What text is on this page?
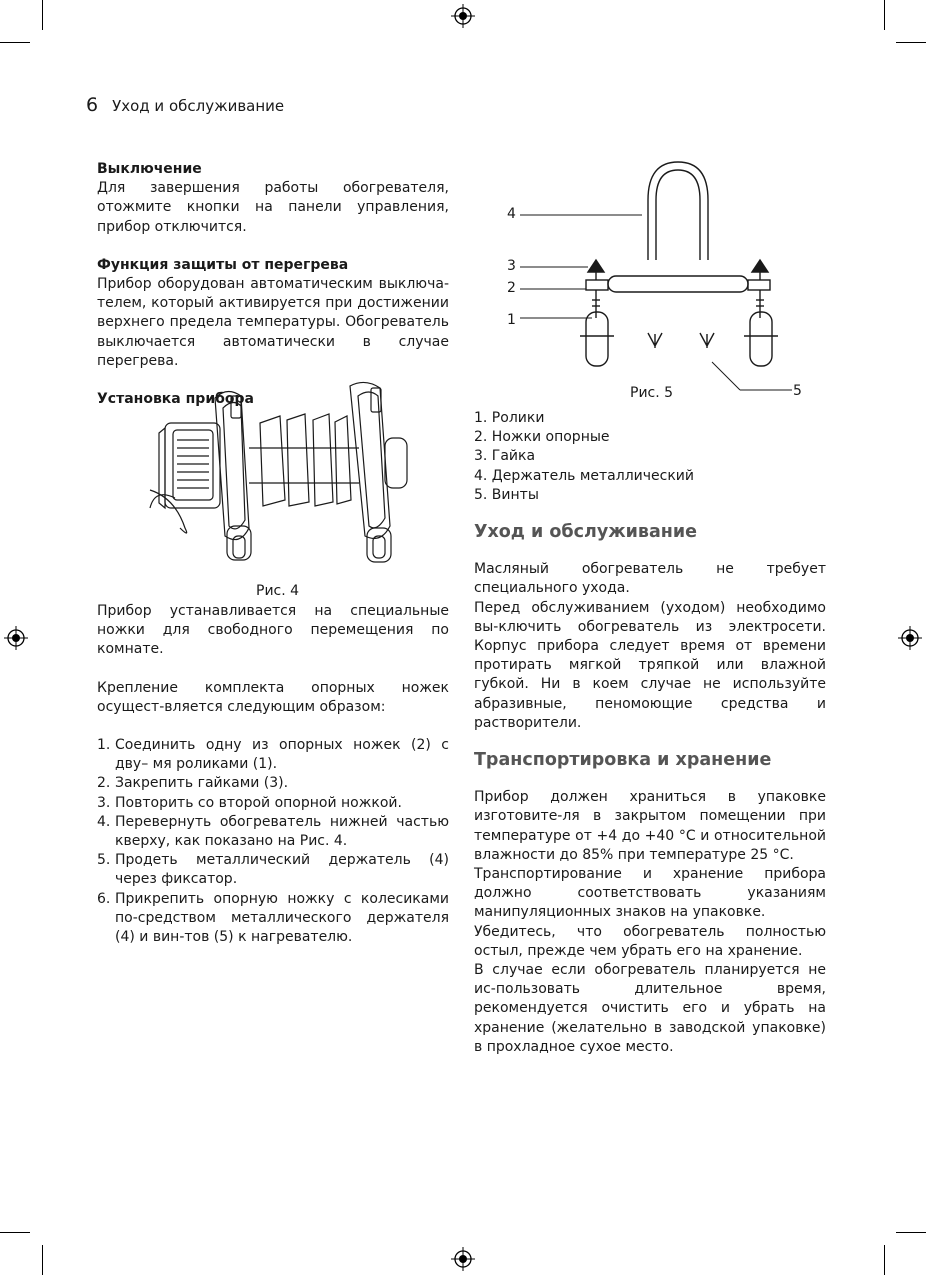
6 Уход и обслуживание
Выключение

Для завершения работы обогревателя, отожмите кнопки на панели управления, прибор отключится.

Функция защиты от перегрева

Прибор оборудован автоматическим выключа-телем, который активируется при достижении верхнего предела температуры. Обогреватель выключается автоматически в случае перегрева.

Установка прибора
Рис. 4

Прибор устанавливается на специальные ножки для свободного перемещения по комнате.

Крепление комплекта опорных ножек осущест-вляется следующим образом:

1. Соединить одну из опорных ножек (2) с дву– мя роликами (1).
2. Закрепить гайками (3).
3. Повторить со второй опорной ножкой.
4. Перевернуть обогреватель нижней частью кверху, как показано на Рис. 4.
5. Продеть металлический держатель (4) через фиксатор.
6. Прикрепить опорную ножку с колесиками по-средством металлического держателя (4) и вин-тов (5) к нагревателю.
4
3
2
1
5
Рис. 5
1. Ролики
2. Ножки опорные
3. Гайка
4. Держатель металлический
5. Винты
Уход и обслуживание

Масляный обогреватель не требует специального ухода.

Перед обслуживанием (уходом) необходимо вы-ключить обогреватель из электросети. Корпус прибора следует время от времени протирать мягкой тряпкой или влажной губкой. Ни в коем случае не используйте абразивные, пеномоющие средства и растворители.

Транспортировка и хранение

Прибор должен храниться в упаковке изготовите-ля в закрытом помещении при температуре от +4 до +40 °С и относительной влажности до 85% при температуре 25 °С.

Транспортирование и хранение прибора должно соответствовать указаниям манипуляционных знаков на упаковке.

Убедитесь, что обогреватель полностью остыл, прежде чем убрать его на хранение.

В случае если обогреватель планируется не ис-пользовать длительное время, рекомендуется очистить его и убрать на хранение (желательно в заводской упаковке) в прохладное сухое место.
